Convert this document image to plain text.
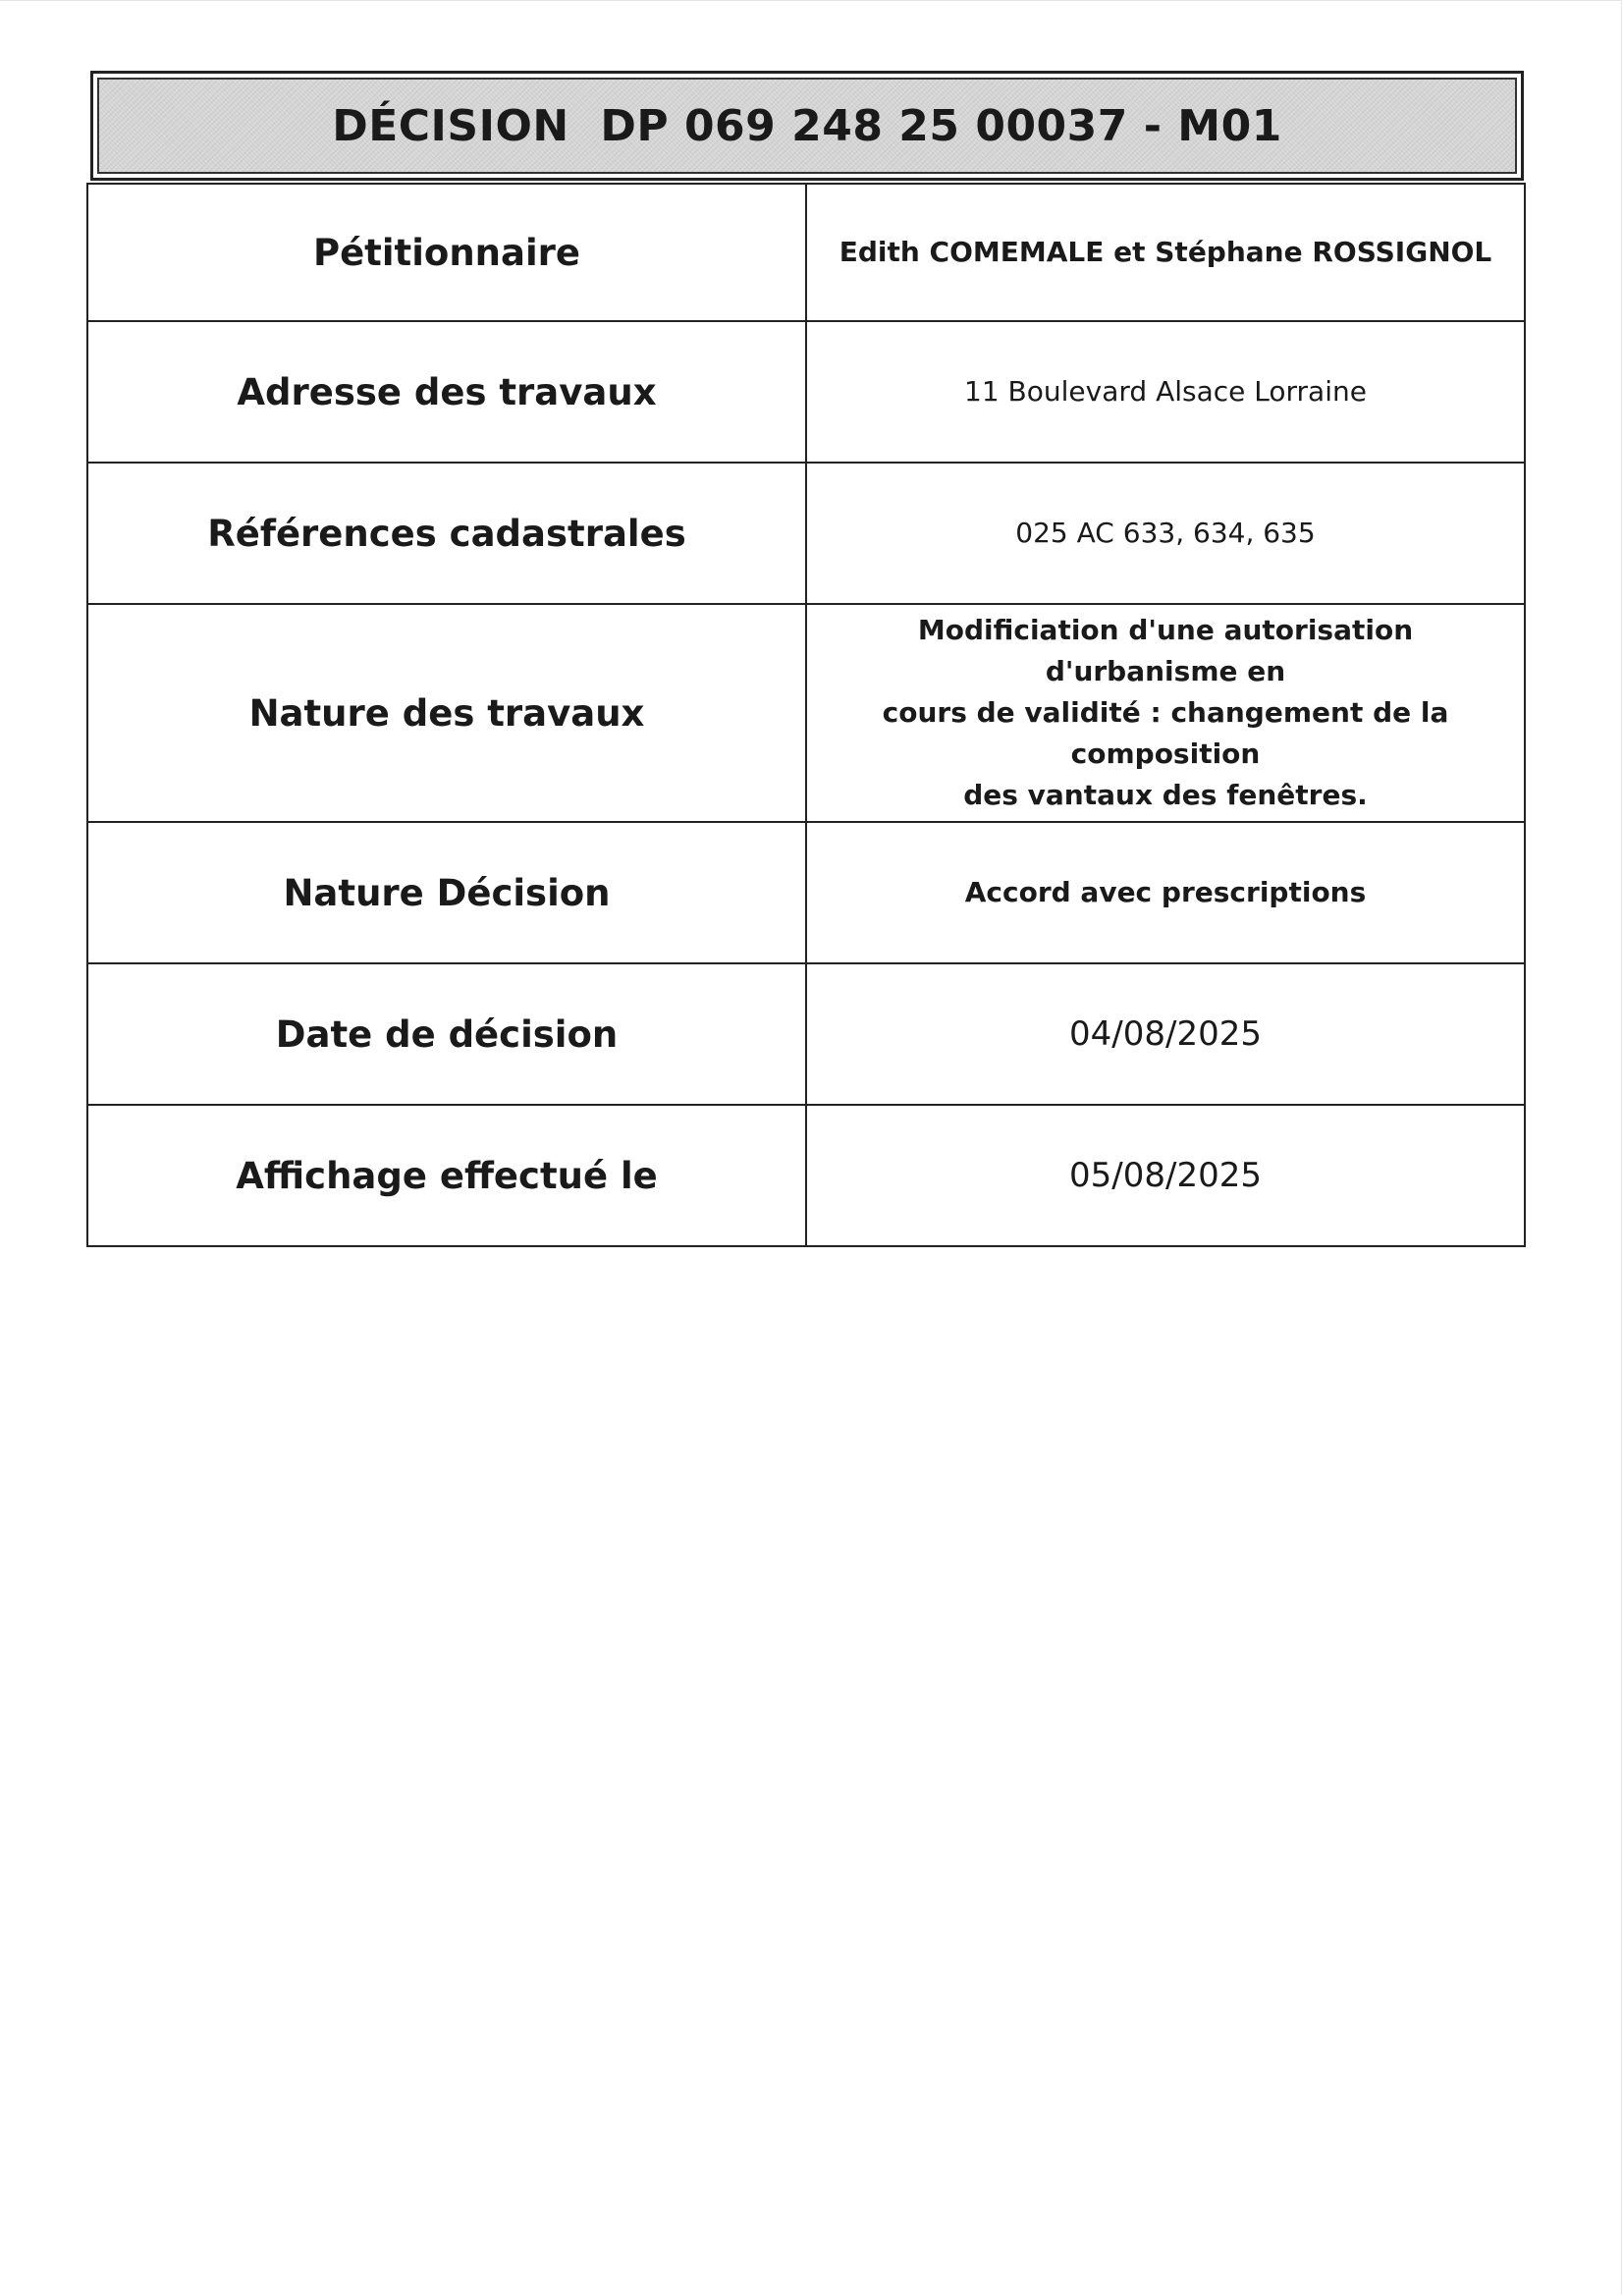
DÉCISION  DP 069 248 25 00037 - M01
Pétitionnaire	Edith COMEMALE et Stéphane ROSSIGNOL
Adresse des travaux	11 Boulevard Alsace Lorraine
Références cadastrales	025 AC 633, 634, 635
Nature des travaux	Modificiation d'une autorisation d'urbanisme en
cours de validité : changement de la composition
des vantaux des fenêtres.

Nature Décision	Accord avec prescriptions
Date de décision	04/08/2025
Affichage effectué le	05/08/2025
